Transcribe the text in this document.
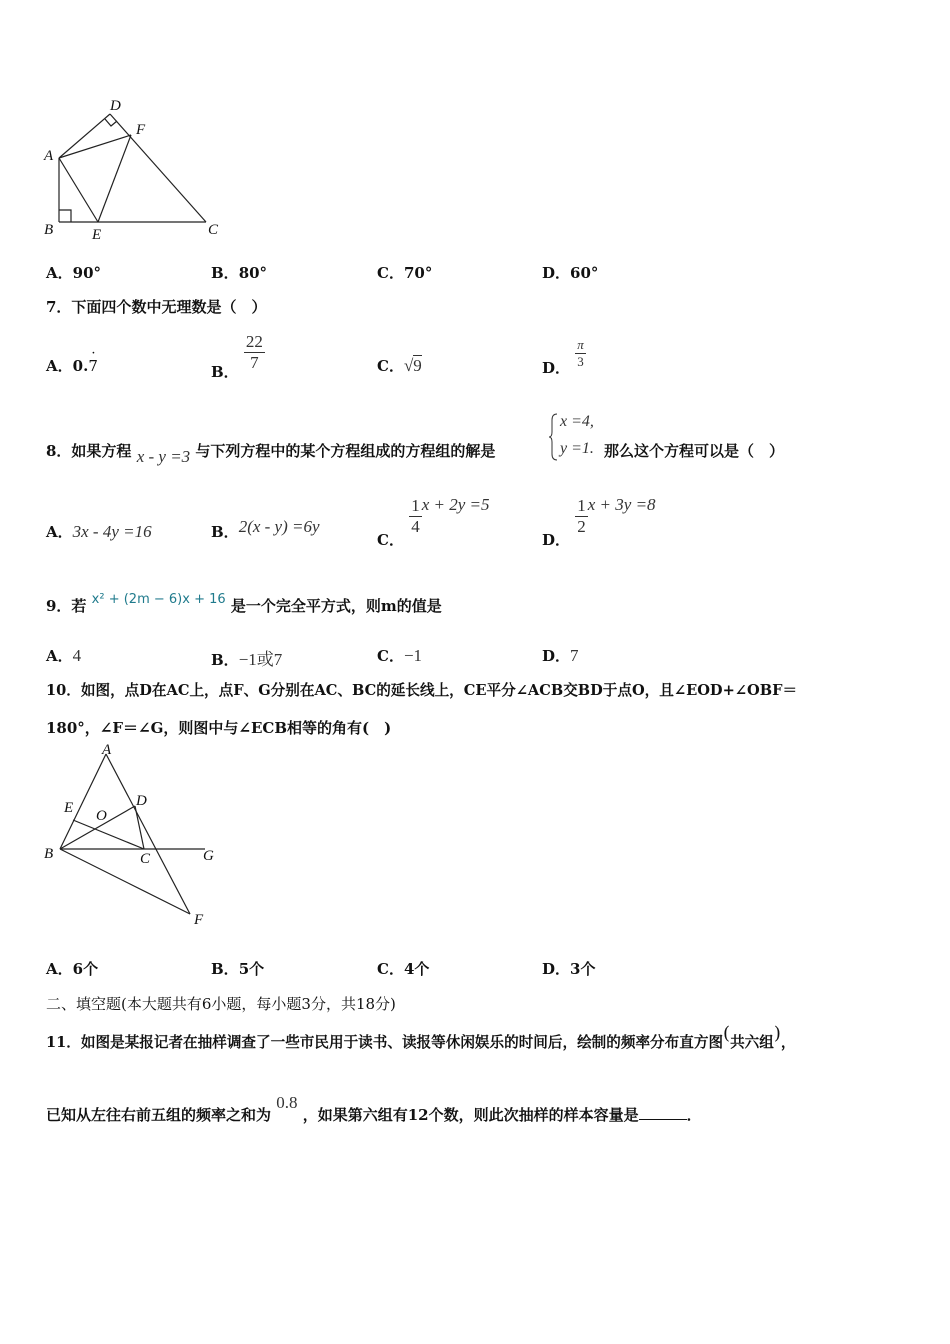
D
F
A
B	E	C
A．90°	B．80°	C．70°	D．60°
7．下面四个数中无理数是（　）
A．0.
·
7	B． $\frac{22}{7}$	C．√9	D． $\frac{\pi}{3}$
8．如果方程 x - y =3 与下列方程中的某个方程组成的方程组的解是
x =4,
y =1. 那么这个方程可以是（　）
A．3x - 4y =16	B．2(x - y) =6y
C．
$\frac{1}{4}$ x + 2y =5
D．
$\frac{1}{2}$ x + 3y =8
9．若 x² + (2m − 6)x + 16 是一个完全平方式，则m的值是
A．4	B．−1或7	C．−1	D．7
10．如图，点D在AC上，点F、G分别在AC、BC的延长线上，CE平分∠ACB交BD于点O，且∠EOD+∠OBF＝
180°，∠F＝∠G，则图中与∠ECB相等的角有(　)
A
E O
D
B	C	G
F
A．6个	B．5个	C．4个	D．3个
二、填空题(本大题共有6小题，每小题3分，共18分)
11．如图是某报记者在抽样调查了一些市民用于读书、读报等休闲娱乐的时间后，绘制的频率分布直方图(共六组)，
已知从左往右前五组的频率之和为 0.8 ，如果第六组有12个数，则此次抽样的样本容量是	．
